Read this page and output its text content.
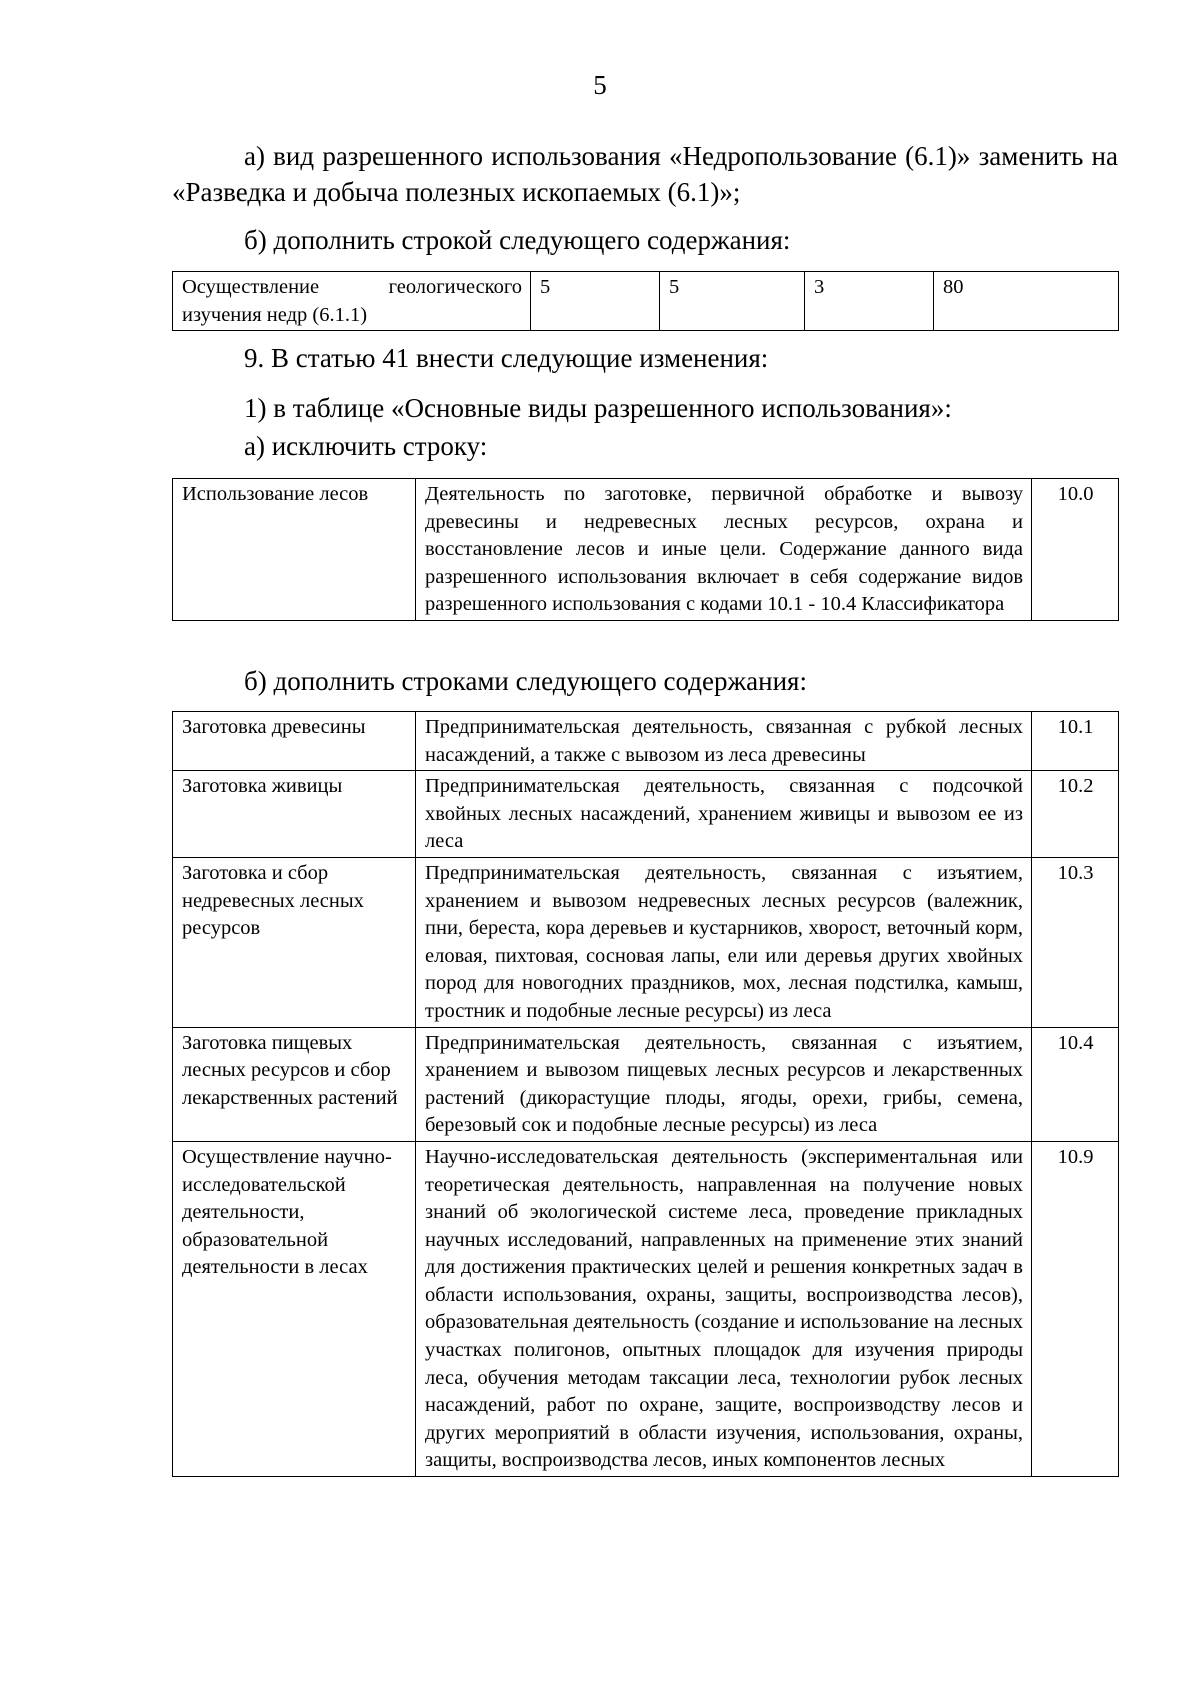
5

а) вид разрешенного использования «Недропользование (6.1)» заменить на «Разведка и добыча полезных ископаемых (6.1)»;

б) дополнить строкой следующего содержания:

Осуществление геологического изучения недр (6.1.1)	5	5	3	80

9. В статью 41 внести следующие изменения:

1) в таблице «Основные виды разрешенного использования»:

а) исключить строку:

Использование лесов	Деятельность по заготовке, первичной обработке и вывозу древесины и недревесных лесных ресурсов, охрана и восстановление лесов и иные цели. Содержание данного вида разрешенного использования включает в себя содержание видов разрешенного использования с кодами 10.1 - 10.4 Классификатора	10.0

б) дополнить строками следующего содержания:

Заготовка древесины	Предпринимательская деятельность, связанная с рубкой лесных насаждений, а также с вывозом из леса древесины	10.1
Заготовка живицы	Предпринимательская деятельность, связанная с подсочкой хвойных лесных насаждений, хранением живицы и вывозом ее из леса	10.2
Заготовка и сбор недревесных лесных ресурсов	Предпринимательская деятельность, связанная с изъятием, хранением и вывозом недревесных лесных ресурсов (валежник, пни, береста, кора деревьев и кустарников, хворост, веточный корм, еловая, пихтовая, сосновая лапы, ели или деревья других хвойных пород для новогодних праздников, мох, лесная подстилка, камыш, тростник и подобные лесные ресурсы) из леса	10.3
Заготовка пищевых лесных ресурсов и сбор лекарственных растений	Предпринимательская деятельность, связанная с изъятием, хранением и вывозом пищевых лесных ресурсов и лекарственных растений (дикорастущие плоды, ягоды, орехи, грибы, семена, березовый сок и подобные лесные ресурсы) из леса	10.4
Осуществление научно-исследовательской деятельности, образовательной деятельности в лесах	Научно-исследовательская деятельность (экспериментальная или теоретическая деятельность, направленная на получение новых знаний об экологической системе леса, проведение прикладных научных исследований, направленных на применение этих знаний для достижения практических целей и решения конкретных задач в области использования, охраны, защиты, воспроизводства лесов), образовательная деятельность (создание и использование на лесных участках полигонов, опытных площадок для изучения природы леса, обучения методам таксации леса, технологии рубок лесных насаждений, работ по охране, защите, воспроизводству лесов и других мероприятий в области изучения, использования, охраны, защиты, воспроизводства лесов, иных компонентов лесных	10.9
